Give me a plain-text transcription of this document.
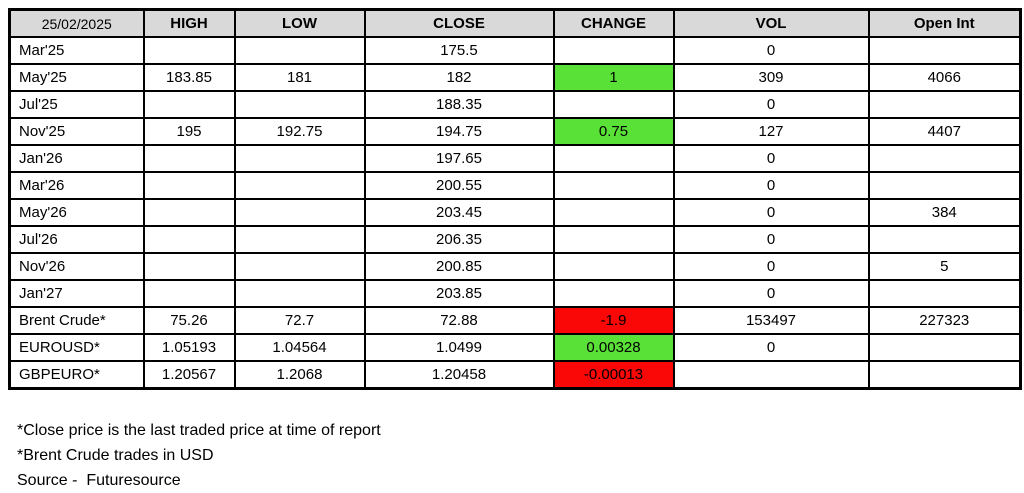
25/02/2025	HIGH	LOW	CLOSE	CHANGE	VOL	Open Int
Mar'25			175.5		0	
May'25	183.85	181	182	1	309	4066
Jul'25			188.35		0	
Nov'25	195	192.75	194.75	0.75	127	4407
Jan'26			197.65		0	
Mar'26			200.55		0	
May'26			203.45		0	384
Jul'26			206.35		0	
Nov'26			200.85		0	5
Jan'27			203.85		0	
Brent Crude*	75.26	72.7	72.88	-1.9	153497	227323
EUROUSD*	1.05193	1.04564	1.0499	0.00328	0	
GBPEURO*	1.20567	1.2068	1.20458	-0.00013		
*Close price is the last traded price at time of report
*Brent Crude trades in USD
Source -  Futuresource
